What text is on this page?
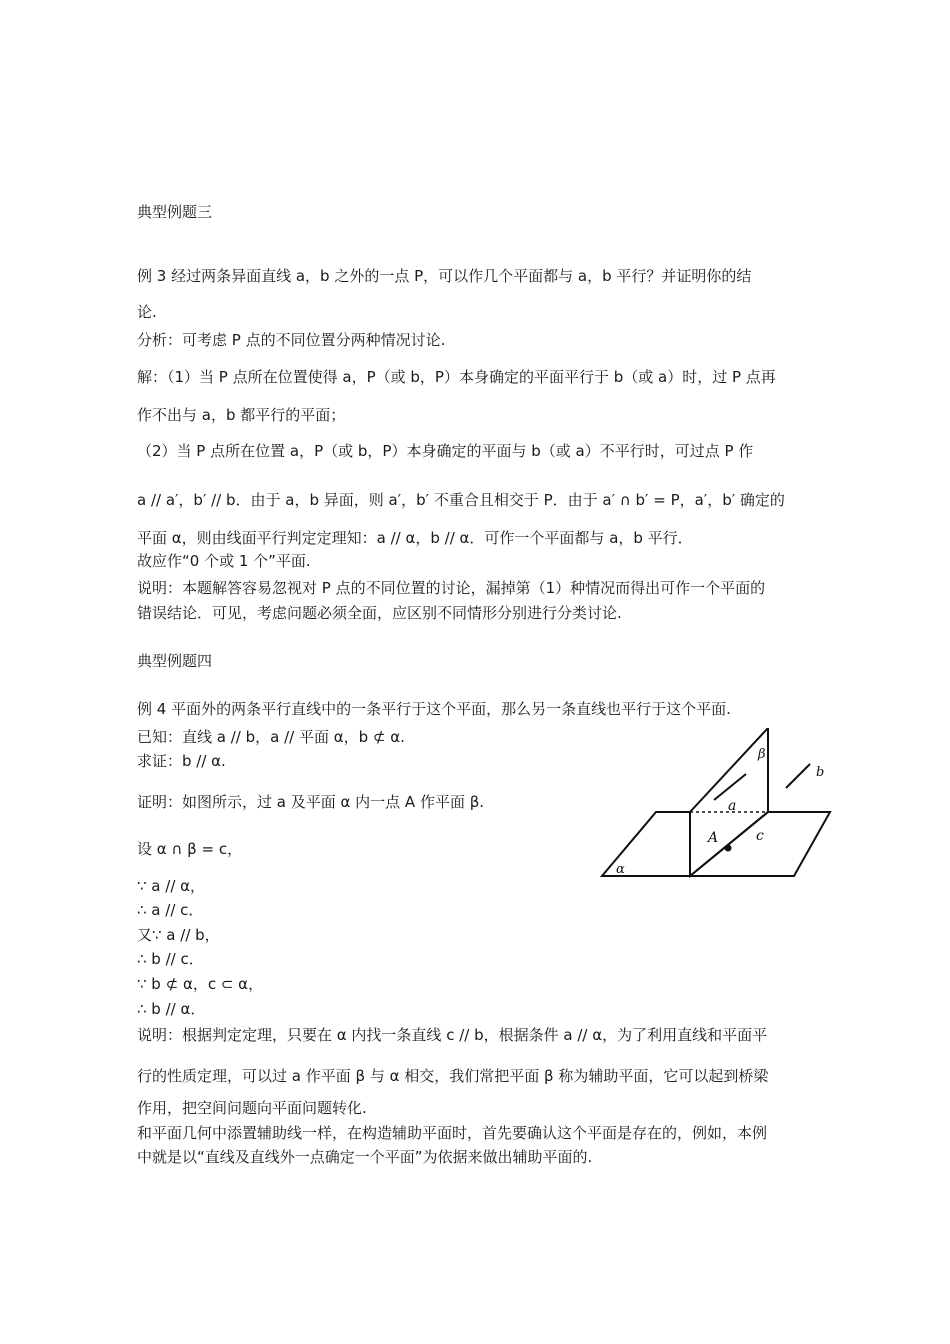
典型例题三
例 3 经过两条异面直线 a，b 之外的一点 P，可以作几个平面都与 a，b 平行？并证明你的结
论.
分析：可考虑 P 点的不同位置分两种情况讨论.
解：（1）当 P 点所在位置使得 a，P（或 b，P）本身确定的平面平行于 b（或 a）时，过 P 点再
作不出与 a，b 都平行的平面；
（2）当 P 点所在位置 a，P（或 b，P）本身确定的平面与 b（或 a）不平行时，可过点 P 作
a // a′，b′ // b．由于 a，b 异面，则 a′，b′ 不重合且相交于 P．由于 a′ ∩ b′ = P，a′，b′ 确定的
平面 α，则由线面平行判定定理知：a // α，b // α．可作一个平面都与 a，b 平行．
故应作“0 个或 1 个”平面.
说明：本题解答容易忽视对 P 点的不同位置的讨论，漏掉第（1）种情况而得出可作一个平面的
错误结论．可见，考虑问题必须全面，应区别不同情形分别进行分类讨论.
典型例题四
例 4 平面外的两条平行直线中的一条平行于这个平面，那么另一条直线也平行于这个平面.
已知：直线 a // b，a // 平面 α，b ⊄ α.
求证：b // α.
证明：如图所示，过 a 及平面 α 内一点 A 作平面 β.
设 α ∩ β = c，
∵ a // α，
∴ a // c．
又∵ a // b，
∴ b // c．
∵ b ⊄ α，c ⊂ α，
∴ b // α．
说明：根据判定定理，只要在 α 内找一条直线 c // b，根据条件 a // α，为了利用直线和平面平
行的性质定理，可以过 a 作平面 β 与 α 相交，我们常把平面 β 称为辅助平面，它可以起到桥梁
作用，把空间问题向平面问题转化.
和平面几何中添置辅助线一样，在构造辅助平面时，首先要确认这个平面是存在的，例如，本例
中就是以“直线及直线外一点确定一个平面”为依据来做出辅助平面的.
β
b
a
A	c
α
